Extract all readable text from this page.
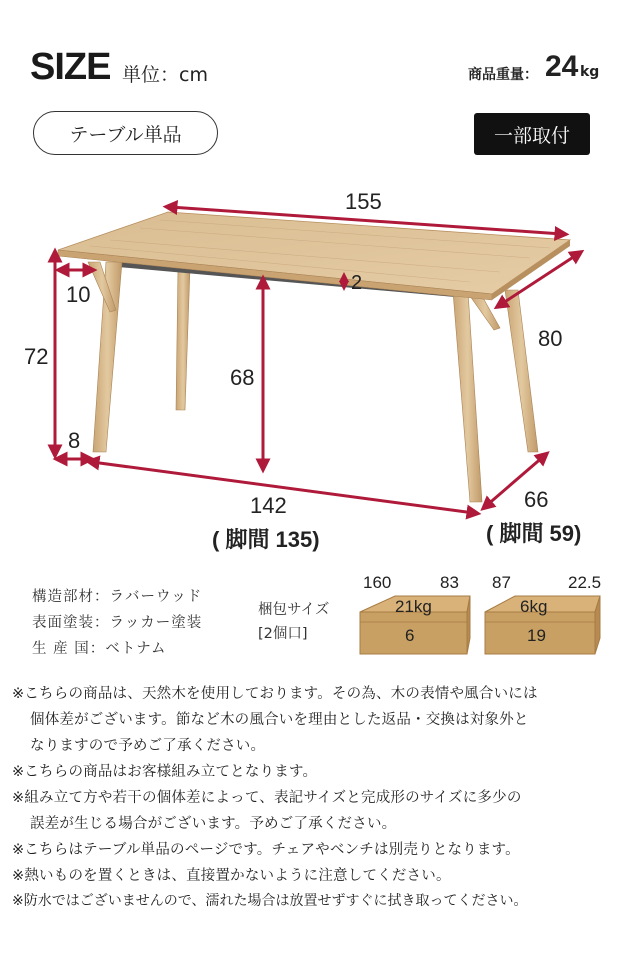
SIZE 単位：cm	商品重量： 24 kg
テーブル単品	一部取付
155
80
72
10
8
68
2
142
( 脚間 135)
66
( 脚間 59)
構造部材：ラバーウッド
表面塗装：ラッカー塗装
生 産 国：ベトナム
梱包サイズ
[2個口]
160	83
21kg
6
87	22.5
6kg
19
※こちらの商品は、天然木を使用しております。その為、木の表情や風合いには
個体差がございます。節など木の風合いを理由とした返品・交換は対象外と
なりますので予めご了承ください。
※こちらの商品はお客様組み立てとなります。
※組み立て方や若干の個体差によって、表記サイズと完成形のサイズに多少の
誤差が生じる場合がございます。予めご了承ください。
※こちらはテーブル単品のページです。チェアやベンチは別売りとなります。
※熱いものを置くときは、直接置かないように注意してください。
※防水ではございませんので、濡れた場合は放置せずすぐに拭き取ってください。
